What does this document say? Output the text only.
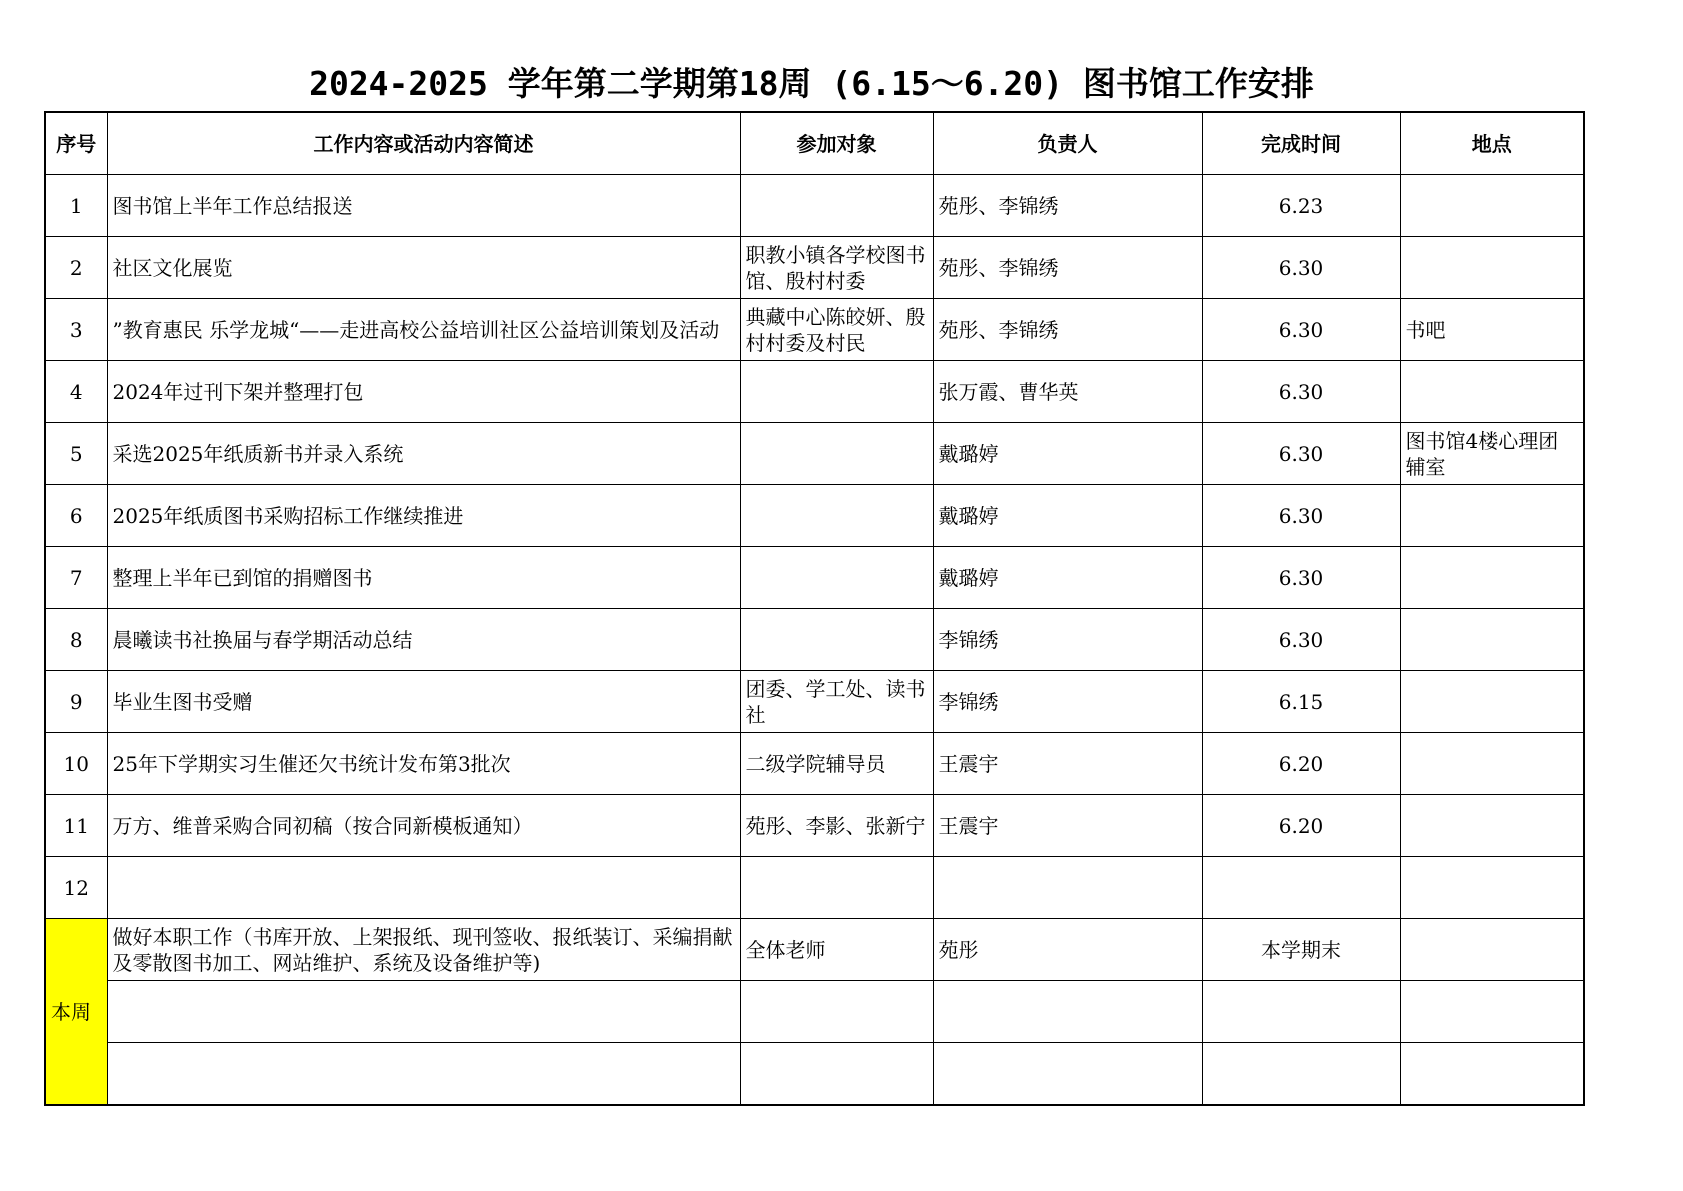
2024-2025 学年第二学期第18周 (6.15～6.20) 图书馆工作安排
序号	工作内容或活动内容简述	参加对象	负责人	完成时间	地点
1	图书馆上半年工作总结报送		苑彤、李锦绣	6.23	
2	社区文化展览	职教小镇各学校图书馆、殷村村委	苑彤、李锦绣	6.30	
3	”教育惠民 乐学龙城“——走进高校公益培训社区公益培训策划及活动	典藏中心陈皎妍、殷村村委及村民	苑彤、李锦绣	6.30	书吧
4	2024年过刊下架并整理打包		张万霞、曹华英	6.30	
5	采选2025年纸质新书并录入系统		戴璐婷	6.30	图书馆4楼心理团辅室
6	2025年纸质图书采购招标工作继续推进		戴璐婷	6.30	
7	整理上半年已到馆的捐赠图书		戴璐婷	6.30	
8	晨曦读书社换届与春学期活动总结		李锦绣	6.30	
9	毕业生图书受赠	团委、学工处、读书社	李锦绣	6.15	
10	25年下学期实习生催还欠书统计发布第3批次	二级学院辅导员	王震宇	6.20	
11	万方、维普采购合同初稿（按合同新模板通知）	苑彤、李影、张新宁	王震宇	6.20	
12					
本周	做好本职工作（书库开放、上架报纸、现刊签收、报纸装订、采编捐献及零散图书加工、网站维护、系统及设备维护等)	全体老师	苑彤	本学期末	
